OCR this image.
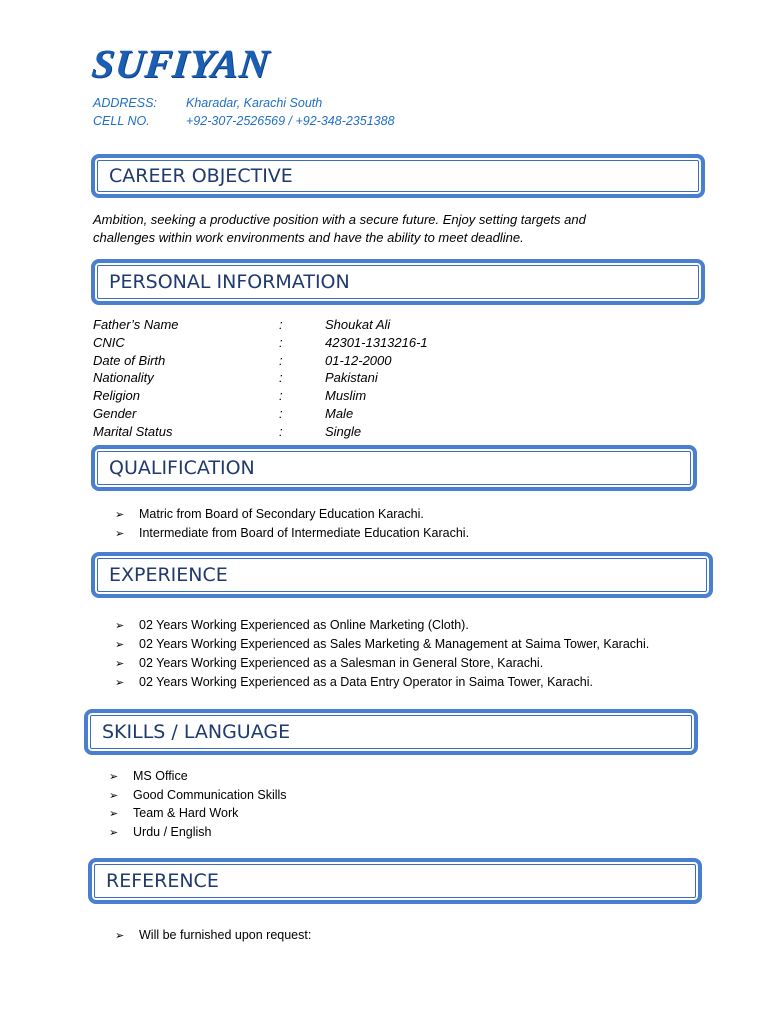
SUFIYAN
ADDRESS: Kharadar, Karachi South
CELL NO.	+92-307-2526569 / +92-348-2351388
CAREER OBJECTIVE
Ambition, seeking a productive position with a secure future. Enjoy setting targets and
challenges within work environments and have the ability to meet deadline.
PERSONAL INFORMATION
Father’s Name	:	Shoukat Ali
CNIC	:	42301-1313216-1
Date of Birth	:	01-12-2000
Nationality	:	Pakistani
Religion	:	Muslim
Gender	:	Male
Marital Status	:	Single
QUALIFICATION
➢ Matric from Board of Secondary Education Karachi.
➢ Intermediate from Board of Intermediate Education Karachi.
EXPERIENCE
➢ 02 Years Working Experienced as Online Marketing (Cloth).
➢ 02 Years Working Experienced as Sales Marketing & Management at Saima Tower, Karachi.
➢ 02 Years Working Experienced as a Salesman in General Store, Karachi.
➢ 02 Years Working Experienced as a Data Entry Operator in Saima Tower, Karachi.
SKILLS / LANGUAGE
➢ MS Office
➢ Good Communication Skills
➢ Team & Hard Work
➢ Urdu / English
REFERENCE
➢ Will be furnished upon request:
